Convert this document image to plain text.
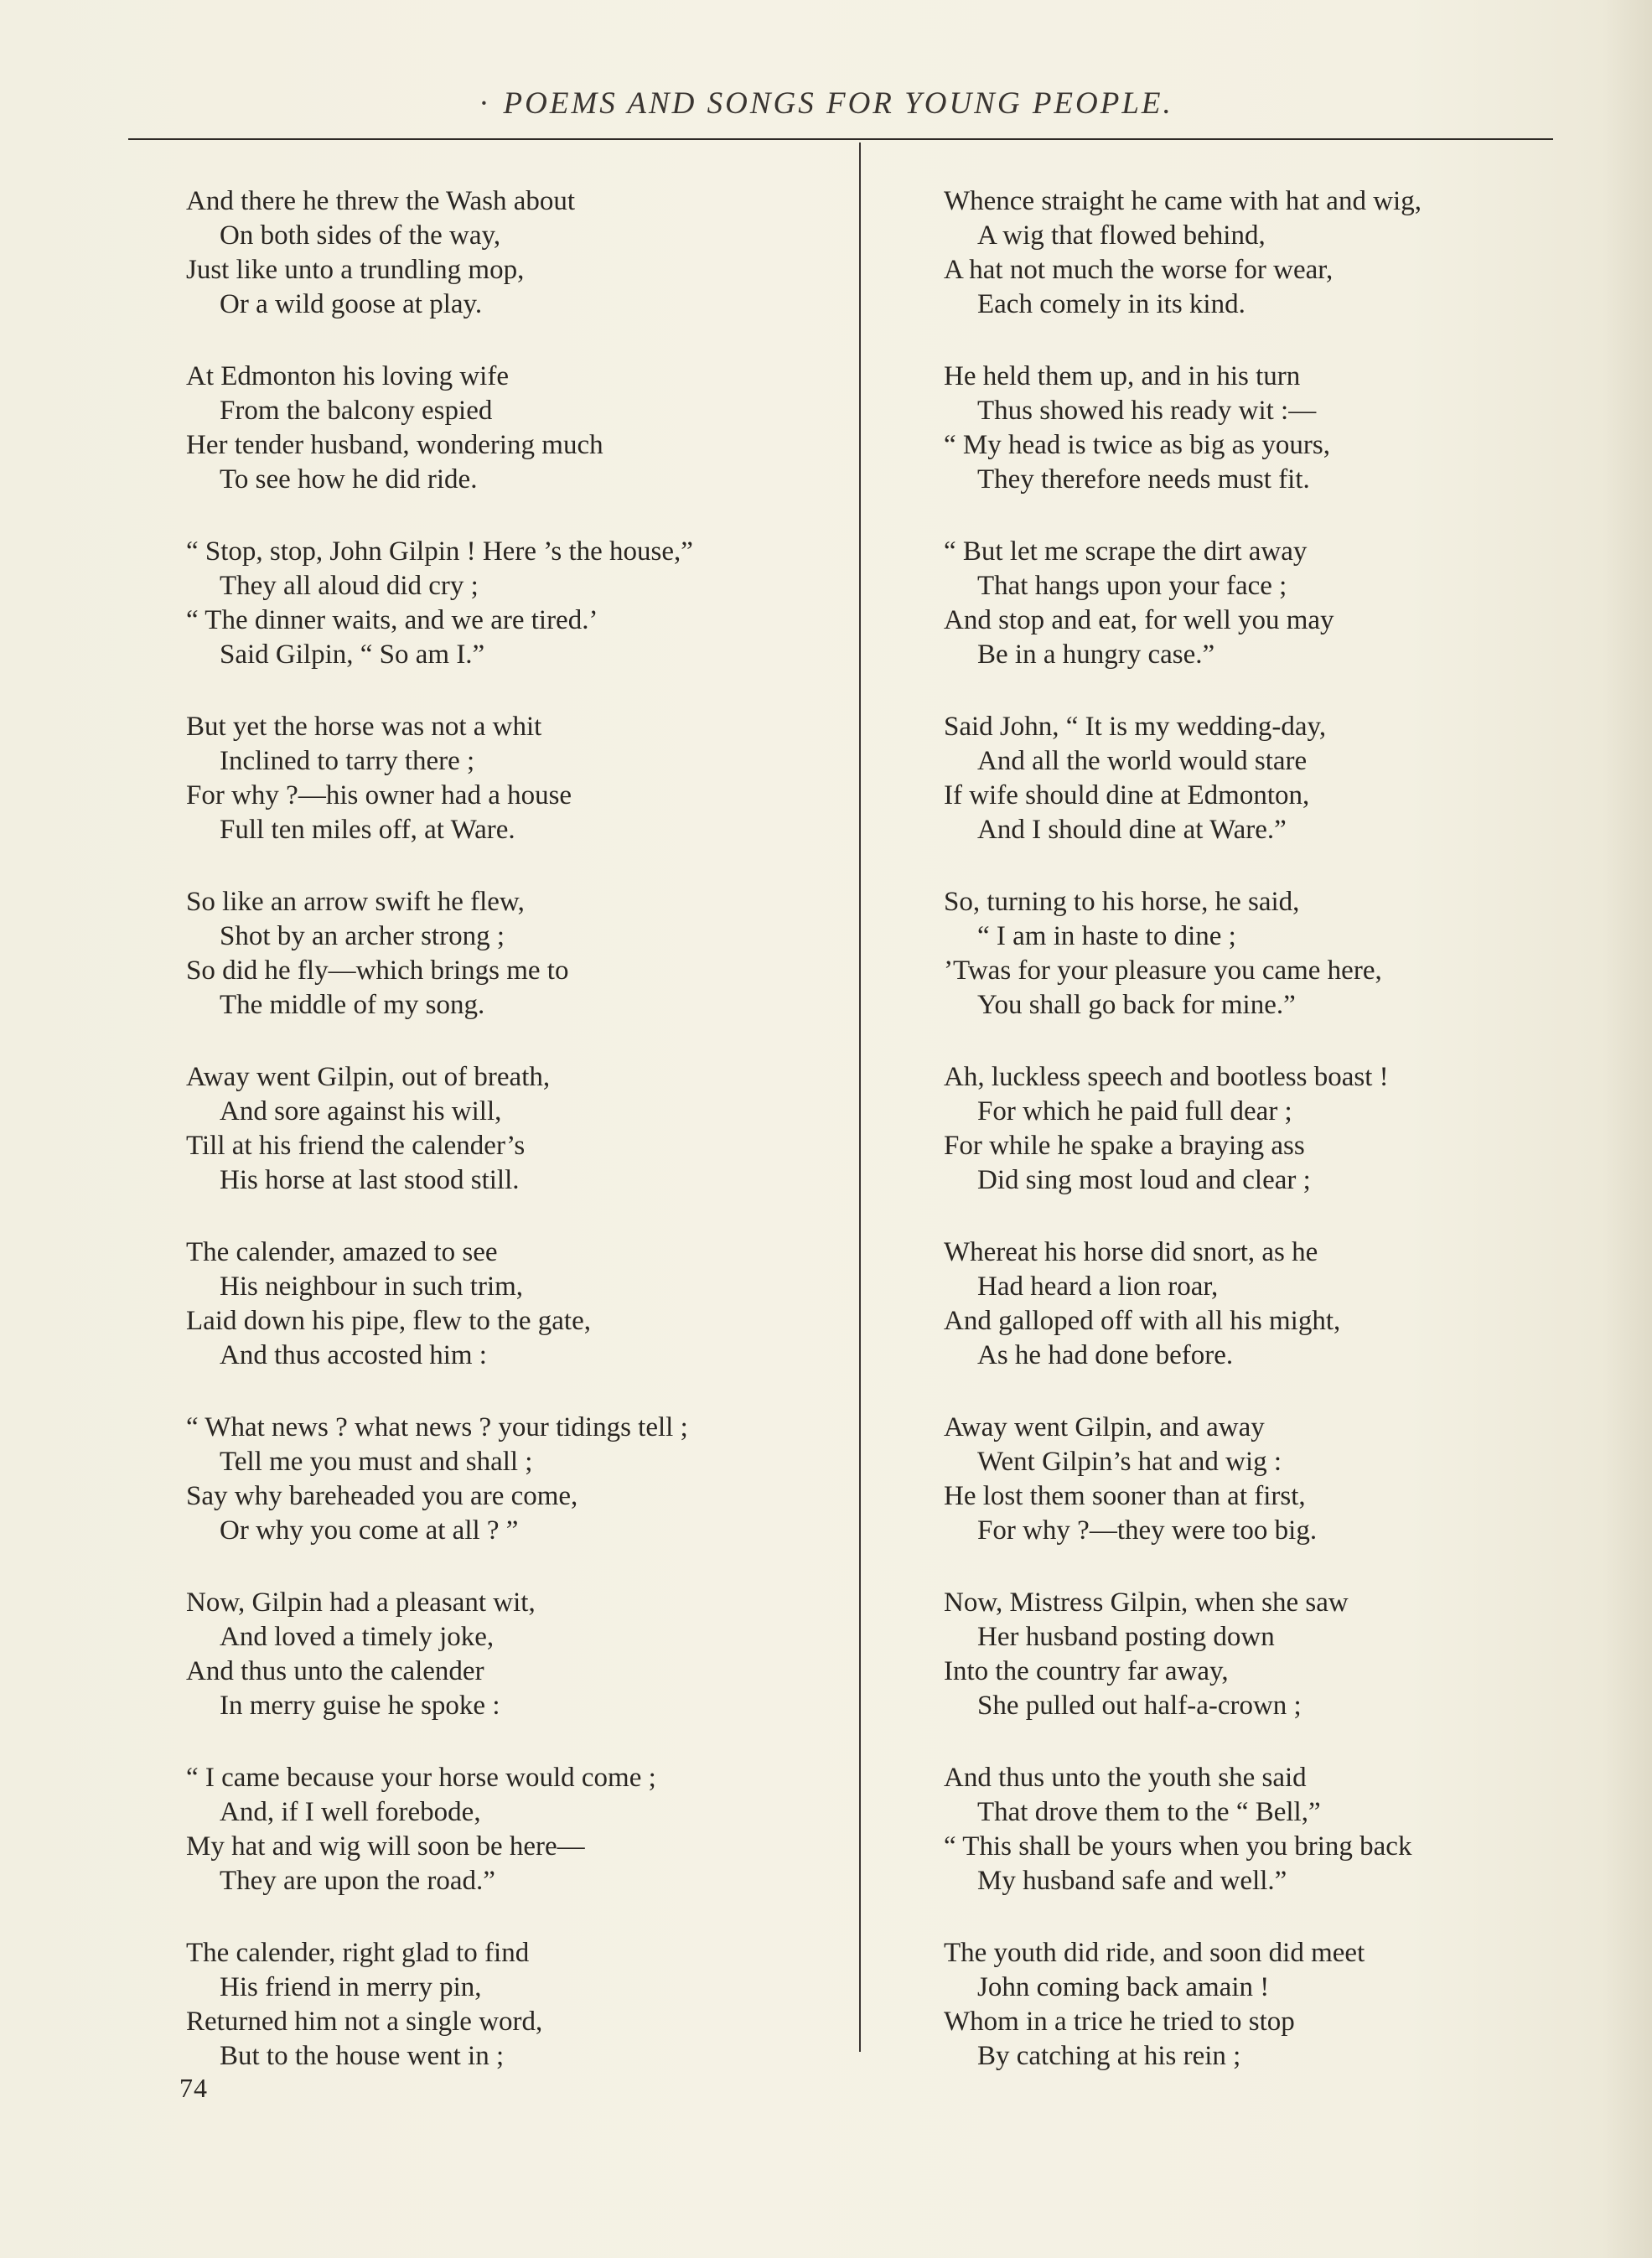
· POEMS AND SONGS FOR YOUNG PEOPLE.
And there he threw the Wash about
On both sides of the way,
Just like unto a trundling mop,
Or a wild goose at play.
At Edmonton his loving wife
From the balcony espied
Her tender husband, wondering much
To see how he did ride.
“ Stop, stop, John Gilpin ! Here ’s the house,”
They all aloud did cry ;
“ The dinner waits, and we are tired.’
Said Gilpin, “ So am I.”
But yet the horse was not a whit
Inclined to tarry there ;
For why ?—his owner had a house
Full ten miles off, at Ware.
So like an arrow swift he flew,
Shot by an archer strong ;
So did he fly—which brings me to
The middle of my song.
Away went Gilpin, out of breath,
And sore against his will,
Till at his friend the calender’s
His horse at last stood still.
The calender, amazed to see
His neighbour in such trim,
Laid down his pipe, flew to the gate,
And thus accosted him :
“ What news ? what news ? your tidings tell ;
Tell me you must and shall ;
Say why bareheaded you are come,
Or why you come at all ? ”
Now, Gilpin had a pleasant wit,
And loved a timely joke,
And thus unto the calender
In merry guise he spoke :
“ I came because your horse would come ;
And, if I well forebode,
My hat and wig will soon be here—
They are upon the road.”
The calender, right glad to find
His friend in merry pin,
Returned him not a single word,
But to the house went in ;
Whence straight he came with hat and wig,
A wig that flowed behind,
A hat not much the worse for wear,
Each comely in its kind.
He held them up, and in his turn
Thus showed his ready wit :—
“ My head is twice as big as yours,
They therefore needs must fit.
“ But let me scrape the dirt away
That hangs upon your face ;
And stop and eat, for well you may
Be in a hungry case.”
Said John, “ It is my wedding-day,
And all the world would stare
If wife should dine at Edmonton,
And I should dine at Ware.”
So, turning to his horse, he said,
“ I am in haste to dine ;
’Twas for your pleasure you came here,
You shall go back for mine.”
Ah, luckless speech and bootless boast !
For which he paid full dear ;
For while he spake a braying ass
Did sing most loud and clear ;
Whereat his horse did snort, as he
Had heard a lion roar,
And galloped off with all his might,
As he had done before.
Away went Gilpin, and away
Went Gilpin’s hat and wig :
He lost them sooner than at first,
For why ?—they were too big.
Now, Mistress Gilpin, when she saw
Her husband posting down
Into the country far away,
She pulled out half-a-crown ;
And thus unto the youth she said
That drove them to the “ Bell,”
“ This shall be yours when you bring back
My husband safe and well.”
The youth did ride, and soon did meet
John coming back amain !
Whom in a trice he tried to stop
By catching at his rein ;
74
